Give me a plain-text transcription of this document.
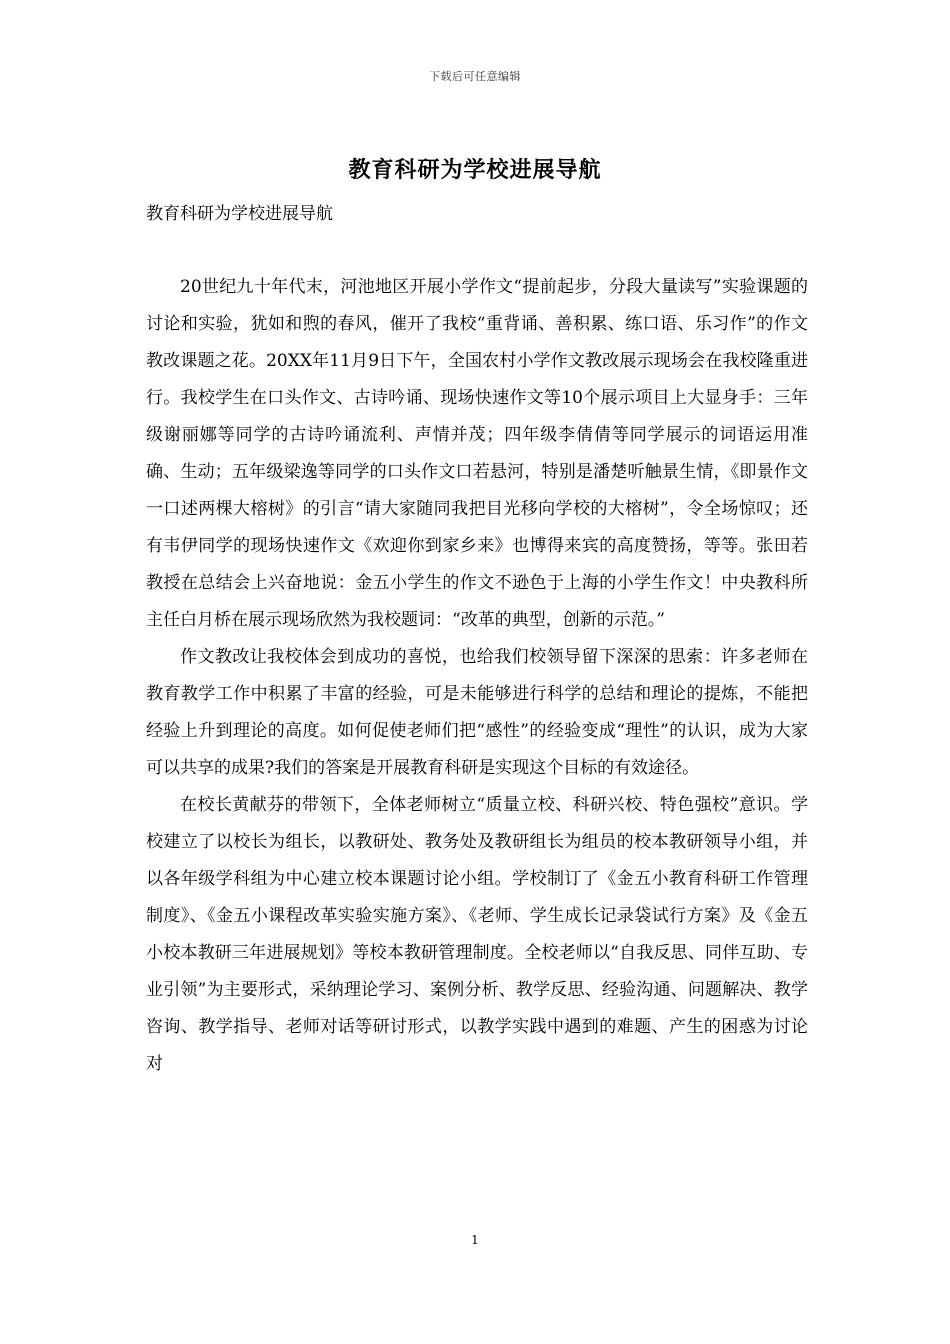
下载后可任意编辑
教育科研为学校进展导航
教育科研为学校进展导航

20世纪九十年代末，河池地区开展小学作文“提前起步，分段大量读写”实验课题的讨论和实验，犹如和煦的春风，催开了我校“重背诵、善积累、练口语、乐习作”的作文教改课题之花。20XX年11月9日下午，全国农村小学作文教改展示现场会在我校隆重进行。我校学生在口头作文、古诗吟诵、现场快速作文等10个展示项目上大显身手：三年级谢丽娜等同学的古诗吟诵流利、声情并茂；四年级李倩倩等同学展示的词语运用准确、生动；五年级梁逸等同学的口头作文口若悬河，特别是潘楚听触景生情，《即景作文一口述两棵大榕树》的引言“请大家随同我把目光移向学校的大榕树”，令全场惊叹；还有韦伊同学的现场快速作文《欢迎你到家乡来》也博得来宾的高度赞扬，等等。张田若教授在总结会上兴奋地说：金五小学生的作文不逊色于上海的小学生作文！中央教科所主任白月桥在展示现场欣然为我校题词：“改革的典型，创新的示范。”

作文教改让我校体会到成功的喜悦，也给我们校领导留下深深的思索：许多老师在教育教学工作中积累了丰富的经验，可是未能够进行科学的总结和理论的提炼，不能把经验上升到理论的高度。如何促使老师们把“感性”的经验变成“理性”的认识，成为大家可以共享的成果?我们的答案是开展教育科研是实现这个目标的有效途径。

在校长黄献芬的带领下，全体老师树立“质量立校、科研兴校、特色强校”意识。学校建立了以校长为组长，以教研处、教务处及教研组长为组员的校本教研领导小组，并以各年级学科组为中心建立校本课题讨论小组。学校制订了《金五小教育科研工作管理制度》、《金五小课程改革实验实施方案》、《老师、学生成长记录袋试行方案》及《金五小校本教研三年进展规划》等校本教研管理制度。全校老师以“自我反思、同伴互助、专业引领”为主要形式，采纳理论学习、案例分析、教学反思、经验沟通、问题解决、教学咨询、教学指导、老师对话等研讨形式，以教学实践中遇到的难题、产生的困惑为讨论对

1
